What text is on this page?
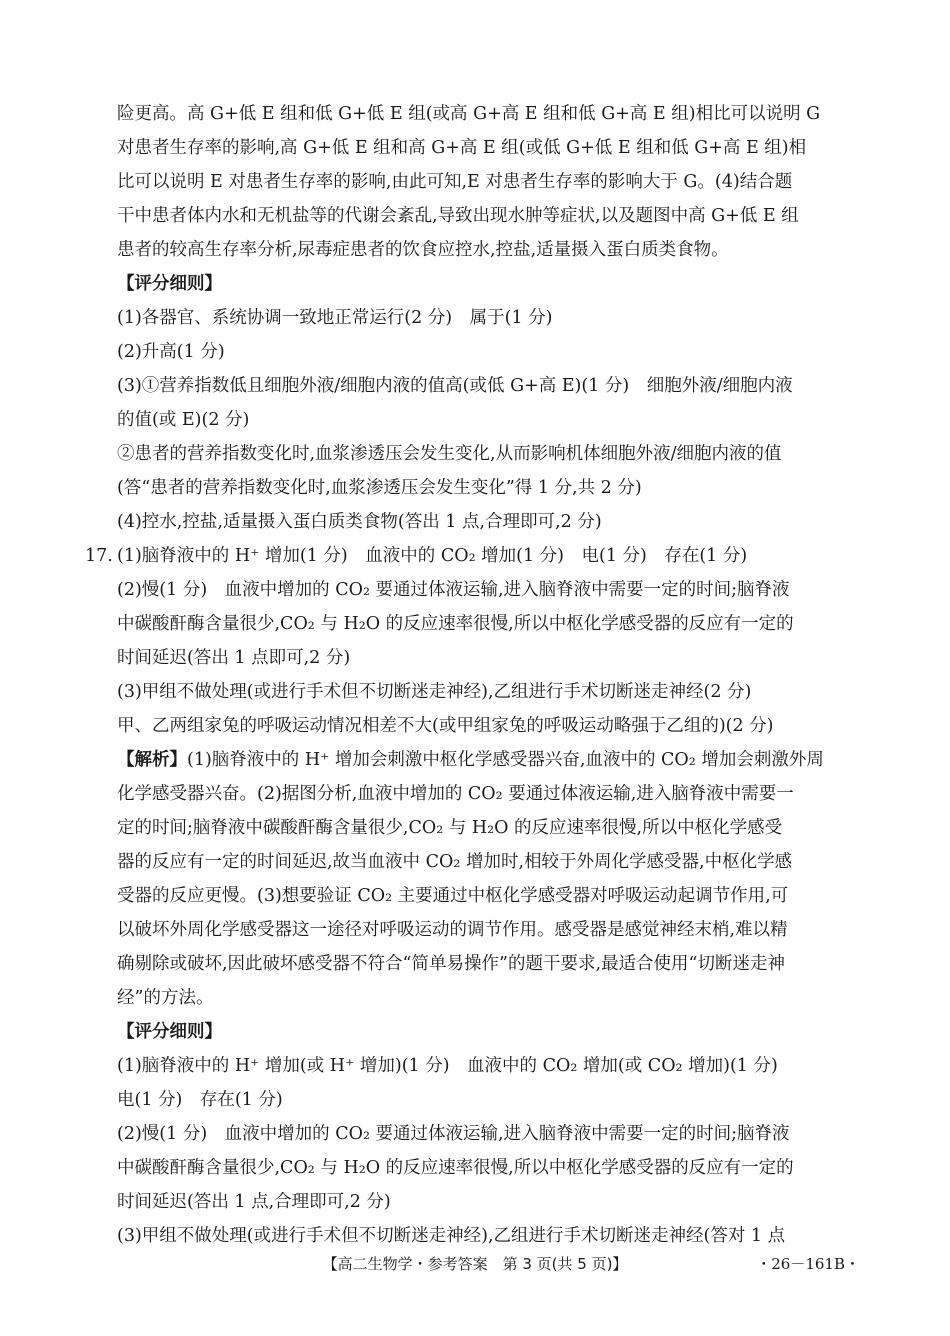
险更高。高 G+低 E 组和低 G+低 E 组(或高 G+高 E 组和低 G+高 E 组)相比可以说明 G

对患者生存率的影响,高 G+低 E 组和高 G+高 E 组(或低 G+低 E 组和低 G+高 E 组)相

比可以说明 E 对患者生存率的影响,由此可知,E 对患者生存率的影响大于 G。(4)结合题

干中患者体内水和无机盐等的代谢会紊乱,导致出现水肿等症状,以及题图中高 G+低 E 组

患者的较高生存率分析,尿毒症患者的饮食应控水,控盐,适量摄入蛋白质类食物。

【评分细则】

(1)各器官、系统协调一致地正常运行(2 分)　属于(1 分)

(2)升高(1 分)

(3)①营养指数低且细胞外液/细胞内液的值高(或低 G+高 E)(1 分)　细胞外液/细胞内液

的值(或 E)(2 分)

②患者的营养指数变化时,血浆渗透压会发生变化,从而影响机体细胞外液/细胞内液的值

(答“患者的营养指数变化时,血浆渗透压会发生变化”得 1 分,共 2 分)

(4)控水,控盐,适量摄入蛋白质类食物(答出 1 点,合理即可,2 分)

17. (1)脑脊液中的 H⁺ 增加(1 分)　血液中的 CO₂ 增加(1 分)　电(1 分)　存在(1 分)

(2)慢(1 分)　血液中增加的 CO₂ 要通过体液运输,进入脑脊液中需要一定的时间;脑脊液

中碳酸酐酶含量很少,CO₂ 与 H₂O 的反应速率很慢,所以中枢化学感受器的反应有一定的

时间延迟(答出 1 点即可,2 分)

(3)甲组不做处理(或进行手术但不切断迷走神经),乙组进行手术切断迷走神经(2 分)

甲、乙两组家兔的呼吸运动情况相差不大(或甲组家兔的呼吸运动略强于乙组的)(2 分)

【解析】(1)脑脊液中的 H⁺ 增加会刺激中枢化学感受器兴奋,血液中的 CO₂ 增加会刺激外周

化学感受器兴奋。(2)据图分析,血液中增加的 CO₂ 要通过体液运输,进入脑脊液中需要一

定的时间;脑脊液中碳酸酐酶含量很少,CO₂ 与 H₂O 的反应速率很慢,所以中枢化学感受

器的反应有一定的时间延迟,故当血液中 CO₂ 增加时,相较于外周化学感受器,中枢化学感

受器的反应更慢。(3)想要验证 CO₂ 主要通过中枢化学感受器对呼吸运动起调节作用,可

以破坏外周化学感受器这一途径对呼吸运动的调节作用。感受器是感觉神经末梢,难以精

确剔除或破坏,因此破坏感受器不符合“简单易操作”的题干要求,最适合使用“切断迷走神

经”的方法。

【评分细则】

(1)脑脊液中的 H⁺ 增加(或 H⁺ 增加)(1 分)　血液中的 CO₂ 增加(或 CO₂ 增加)(1 分)

电(1 分)　存在(1 分)

(2)慢(1 分)　血液中增加的 CO₂ 要通过体液运输,进入脑脊液中需要一定的时间;脑脊液

中碳酸酐酶含量很少,CO₂ 与 H₂O 的反应速率很慢,所以中枢化学感受器的反应有一定的

时间延迟(答出 1 点,合理即可,2 分)

(3)甲组不做处理(或进行手术但不切断迷走神经),乙组进行手术切断迷走神经(答对 1 点

【高二生物学・参考答案　第 3 页(共 5 页)】	・26－161B・
